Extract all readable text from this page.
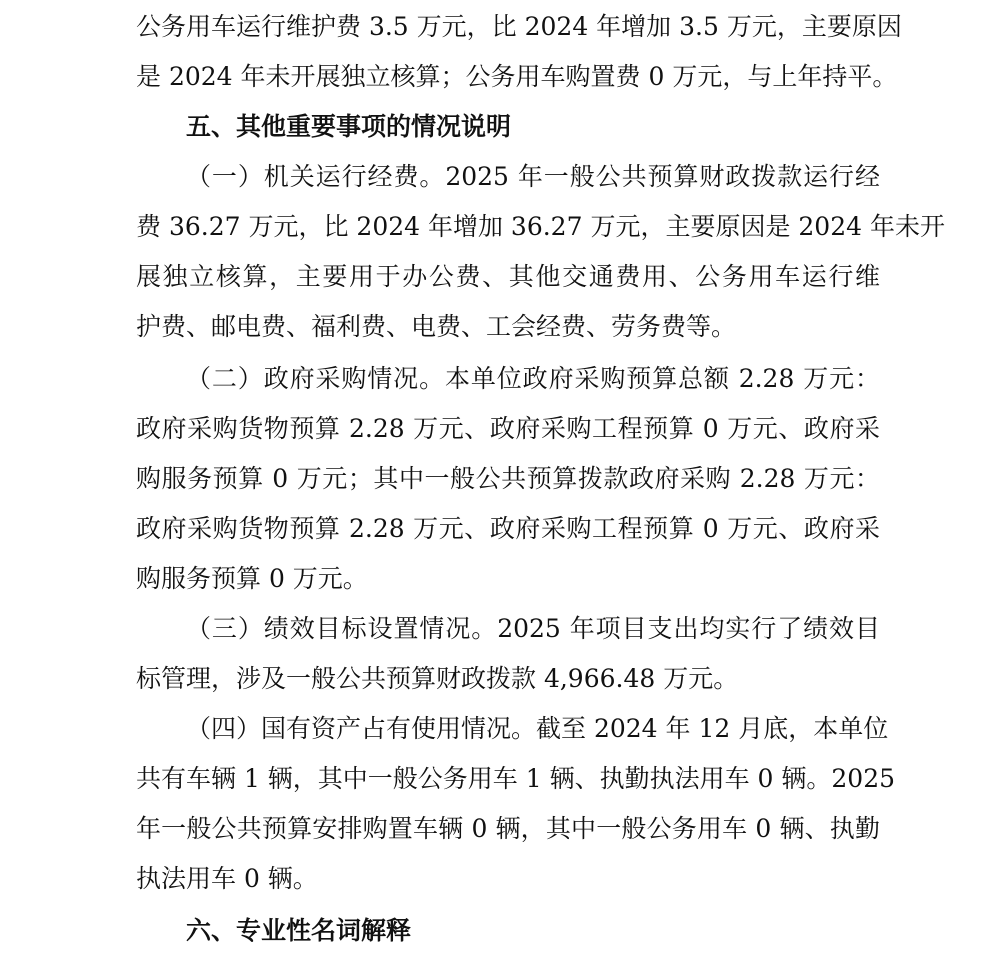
公务用车运行维护费 3.5 万元，比 2024 年增加 3.5 万元，主要原因
是 2024 年未开展独立核算；公务用车购置费 0 万元，与上年持平。
五、其他重要事项的情况说明
（一）机关运行经费。2025 年一般公共预算财政拨款运行经
费 36.27 万元，比 2024 年增加 36.27 万元，主要原因是 2024 年未开
展独立核算，主要用于办公费、其他交通费用、公务用车运行维
护费、邮电费、福利费、电费、工会经费、劳务费等。
（二）政府采购情况。本单位政府采购预算总额 2.28 万元：
政府采购货物预算 2.28 万元、政府采购工程预算 0 万元、政府采
购服务预算 0 万元；其中一般公共预算拨款政府采购 2.28 万元：
政府采购货物预算 2.28 万元、政府采购工程预算 0 万元、政府采
购服务预算 0 万元。
（三）绩效目标设置情况。2025 年项目支出均实行了绩效目
标管理，涉及一般公共预算财政拨款 4,966.48 万元。
（四）国有资产占有使用情况。截至 2024 年 12 月底，本单位
共有车辆 1 辆，其中一般公务用车 1 辆、执勤执法用车 0 辆。2025
年一般公共预算安排购置车辆 0 辆，其中一般公务用车 0 辆、执勤
执法用车 0 辆。
六、专业性名词解释
